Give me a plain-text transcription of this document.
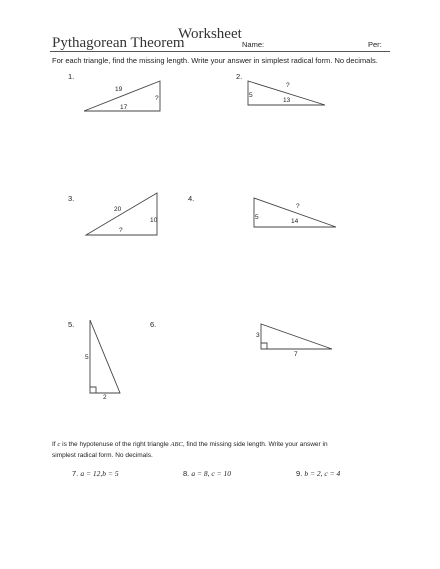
Worksheet
Pythagorean Theorem	Name:	Per:
For each triangle, find the missing length. Write your answer in simplest radical form. No decimals.
1.	2.
3.	4.
5.	6.
19
17
?
?
5
13
20
10
?
?
5
14
5
2
3
7
If c is the hypotenuse of the right triangle ABC, find the missing side length. Write your answer in
simplest radical form. No decimals.
7. a = 12,b = 5	8. a = 8, c = 10	9. b = 2, c = 4
